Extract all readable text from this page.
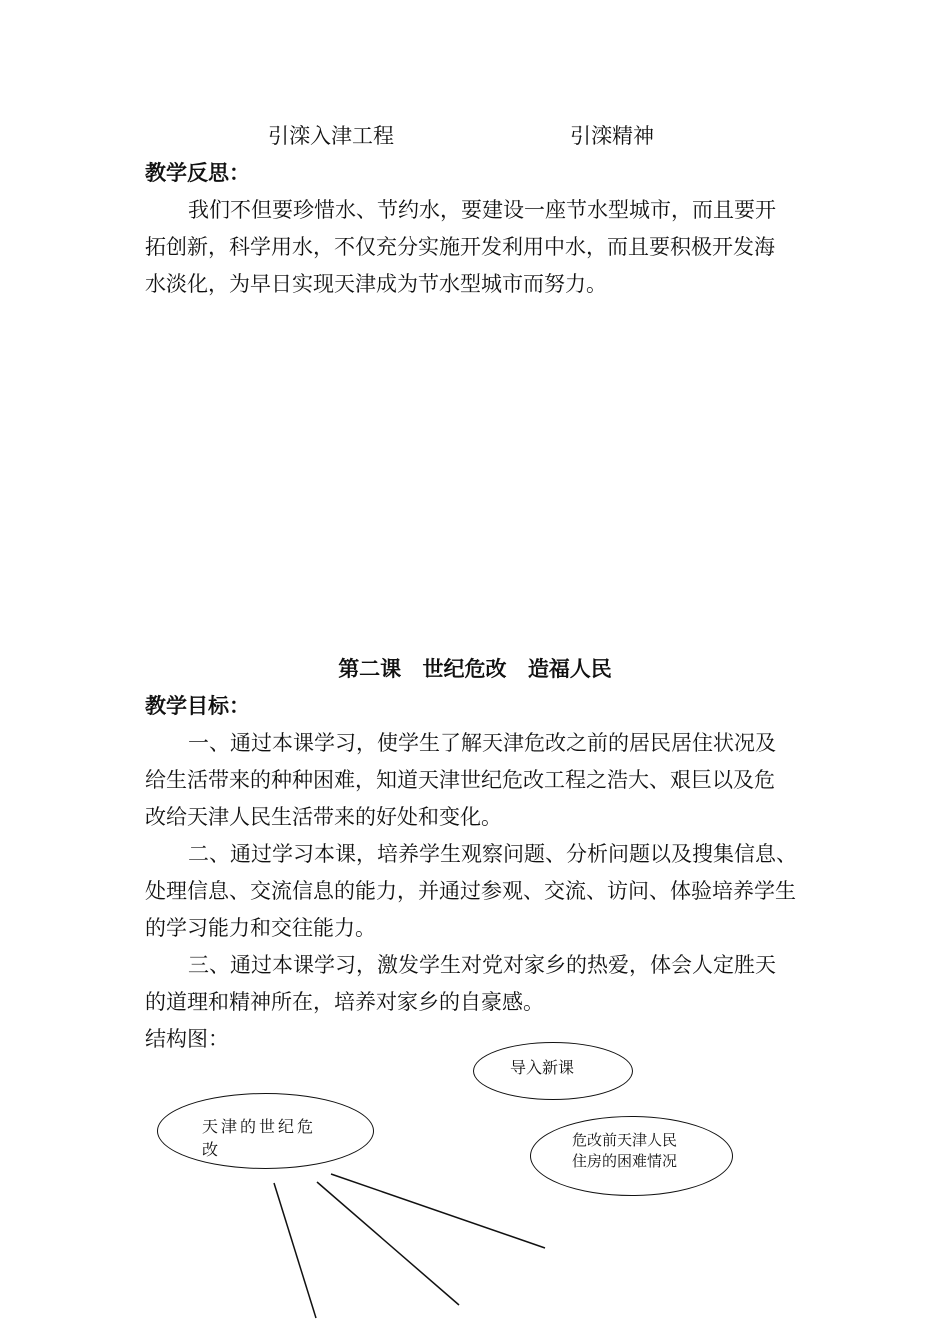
引滦入津工程	引滦精神
教学反思：
我们不但要珍惜水、节约水，要建设一座节水型城市，而且要开
拓创新，科学用水，不仅充分实施开发利用中水，而且要积极开发海
水淡化，为早日实现天津成为节水型城市而努力。
第二课 世纪危改 造福人民
教学目标：
一、通过本课学习，使学生了解天津危改之前的居民居住状况及
给生活带来的种种困难，知道天津世纪危改工程之浩大、艰巨以及危
改给天津人民生活带来的好处和变化。
二、通过学习本课，培养学生观察问题、分析问题以及搜集信息、
处理信息、交流信息的能力，并通过参观、交流、访问、体验培养学生
的学习能力和交往能力。
三、通过本课学习，激发学生对党对家乡的热爱，体会人定胜天
的道理和精神所在，培养对家乡的自豪感。
结构图：
导入新课
天津的世纪危
改	危改前天津人民
住房的困难情况
